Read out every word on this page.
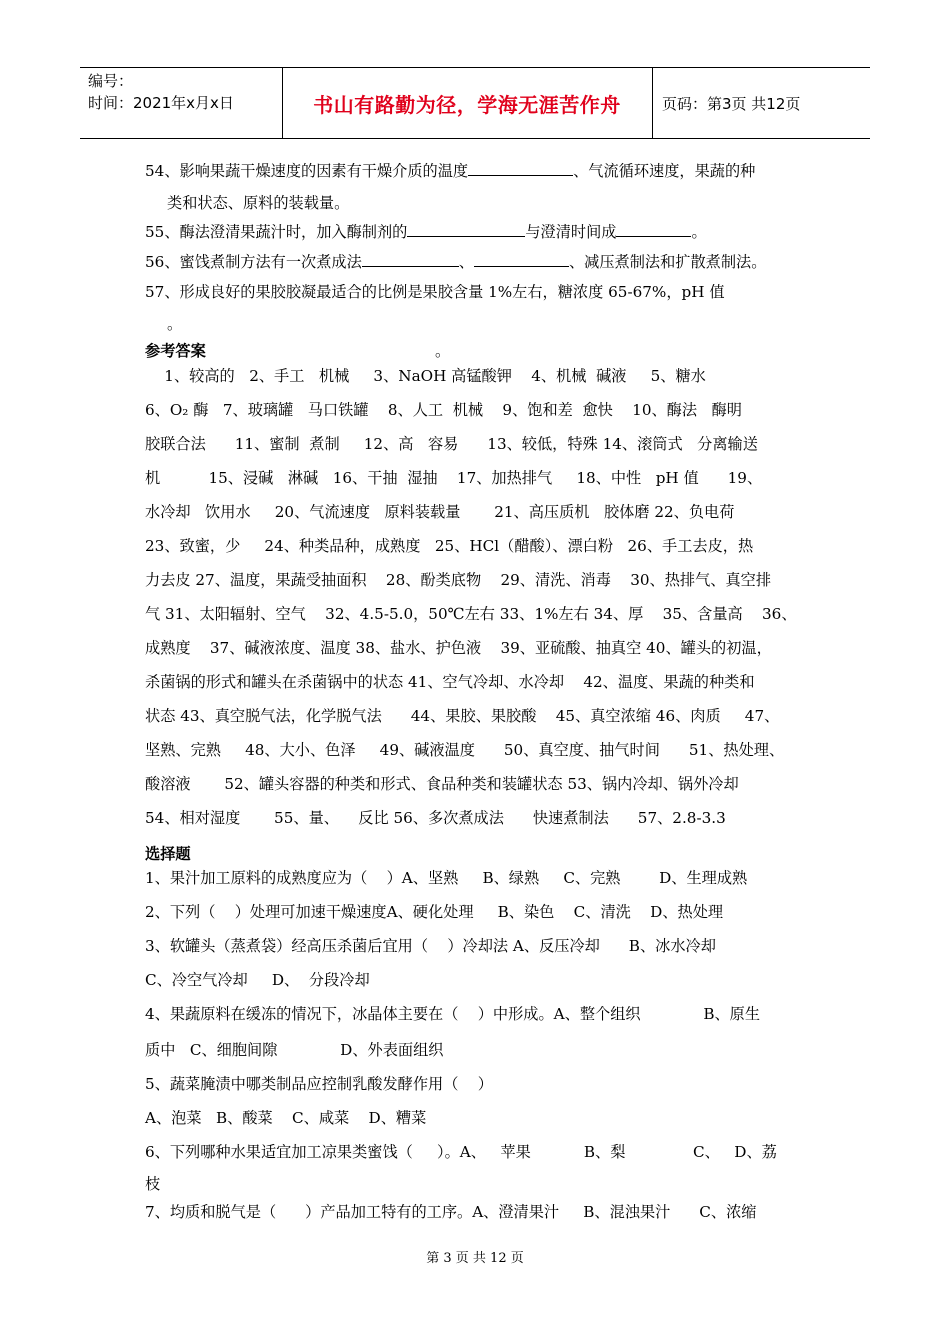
编号：
时间：2021年x月x日	书山有路勤为径，学海无涯苦作舟	页码：第3页 共12页
54、影响果蔬干燥速度的因素有干燥介质的温度	、气流循环速度，果蔬的种
类和状态、原料的装载量。
55、酶法澄清果蔬汁时，加入酶制剂的	与澄清时间成	。
56、蜜饯煮制方法有一次煮成法	、	、减压煮制法和扩散煮制法。
57、形成良好的果胶胶凝最适合的比例是果胶含量 1%左右，糖浓度 65-67%，pH 值
。
参考答案	。
1、较高的   2、手工   机械     3、NaOH 高锰酸钾    4、机械  碱液     5、糖水
6、O₂ 酶   7、玻璃罐   马口铁罐    8、人工  机械    9、饱和差  愈快    10、酶法   酶明
胶联合法      11、蜜制  煮制     12、高   容易      13、较低，特殊 14、滚筒式   分离输送
机          15、浸碱   淋碱   16、干抽  湿抽    17、加热排气     18、中性   pH 值      19、
水冷却   饮用水     20、气流速度   原料装载量       21、高压质机   胶体磨 22、负电荷
23、致蜜，少     24、种类品种，成熟度   25、HCl（醋酸）、漂白粉   26、手工去皮，热
力去皮 27、温度，果蔬受抽面积    28、酚类底物    29、清洗、消毒    30、热排气、真空排
气 31、太阳辐射、空气    32、4.5-5.0，50℃左右 33、1%左右 34、厚    35、含量高    36、
成熟度    37、碱液浓度、温度 38、盐水、护色液    39、亚硫酸、抽真空 40、罐头的初温，
杀菌锅的形式和罐头在杀菌锅中的状态 41、空气冷却、水冷却    42、温度、果蔬的种类和
状态 43、真空脱气法，化学脱气法      44、果胶、果胶酸    45、真空浓缩 46、肉质     47、
坚熟、完熟     48、大小、色泽     49、碱液温度      50、真空度、抽气时间      51、热处理、
酸溶液       52、罐头容器的种类和形式、食品种类和装罐状态 53、锅内冷却、锅外冷却
54、相对湿度       55、量、    反比 56、多次煮成法      快速煮制法      57、2.8-3.3
选择题
1、果汁加工原料的成熟度应为（    ）A、坚熟     B、绿熟     C、完熟        D、生理成熟
2、下列（    ）处理可加速干燥速度A、硬化处理     B、染色    C、清洗    D、热处理
3、软罐头（蒸煮袋）经高压杀菌后宜用（    ）冷却法 A、反压冷却      B、冰水冷却
C、冷空气冷却     D、  分段冷却
4、果蔬原料在缓冻的情况下，冰晶体主要在（    ）中形成。A、整个组织             B、原生
质中   C、细胞间隙             D、外表面组织
5、蔬菜腌渍中哪类制品应控制乳酸发酵作用（    ）
A、泡菜   B、酸菜    C、咸菜    D、糟菜
6、下列哪种水果适宜加工凉果类蜜饯（     ）。A、   苹果           B、梨              C、   D、荔
枝
7、均质和脱气是（      ）产品加工特有的工序。A、澄清果汁     B、混浊果汁      C、浓缩
第 3 页 共 12 页
